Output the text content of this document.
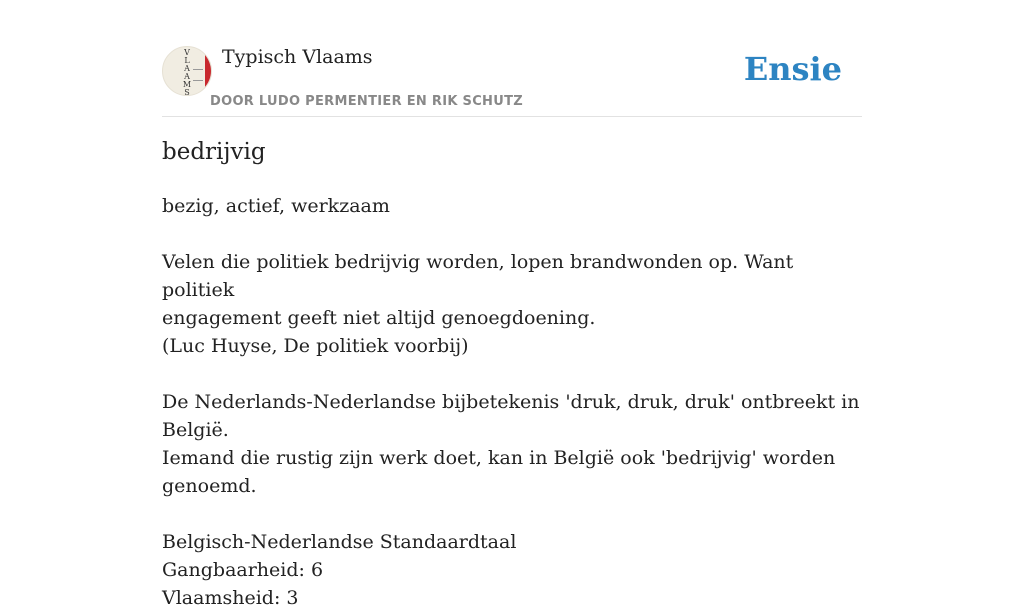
V
L
A
A
M
S
Typisch Vlaams
DOOR LUDO PERMENTIER EN RIK SCHUTZ
Ensie
bedrijvig

bezig, actief, werkzaam

Velen die politiek bedrijvig worden, lopen brandwonden op. Want politiek
engagement geeft niet altijd genoegdoening.
(Luc Huyse, De politiek voorbij)

De Nederlands-Nederlandse bijbetekenis 'druk, druk, druk' ontbreekt in België.
Iemand die rustig zijn werk doet, kan in België ook 'bedrijvig' worden genoemd.

Belgisch-Nederlandse Standaardtaal
Gangbaarheid: 6
Vlaamsheid: 3
